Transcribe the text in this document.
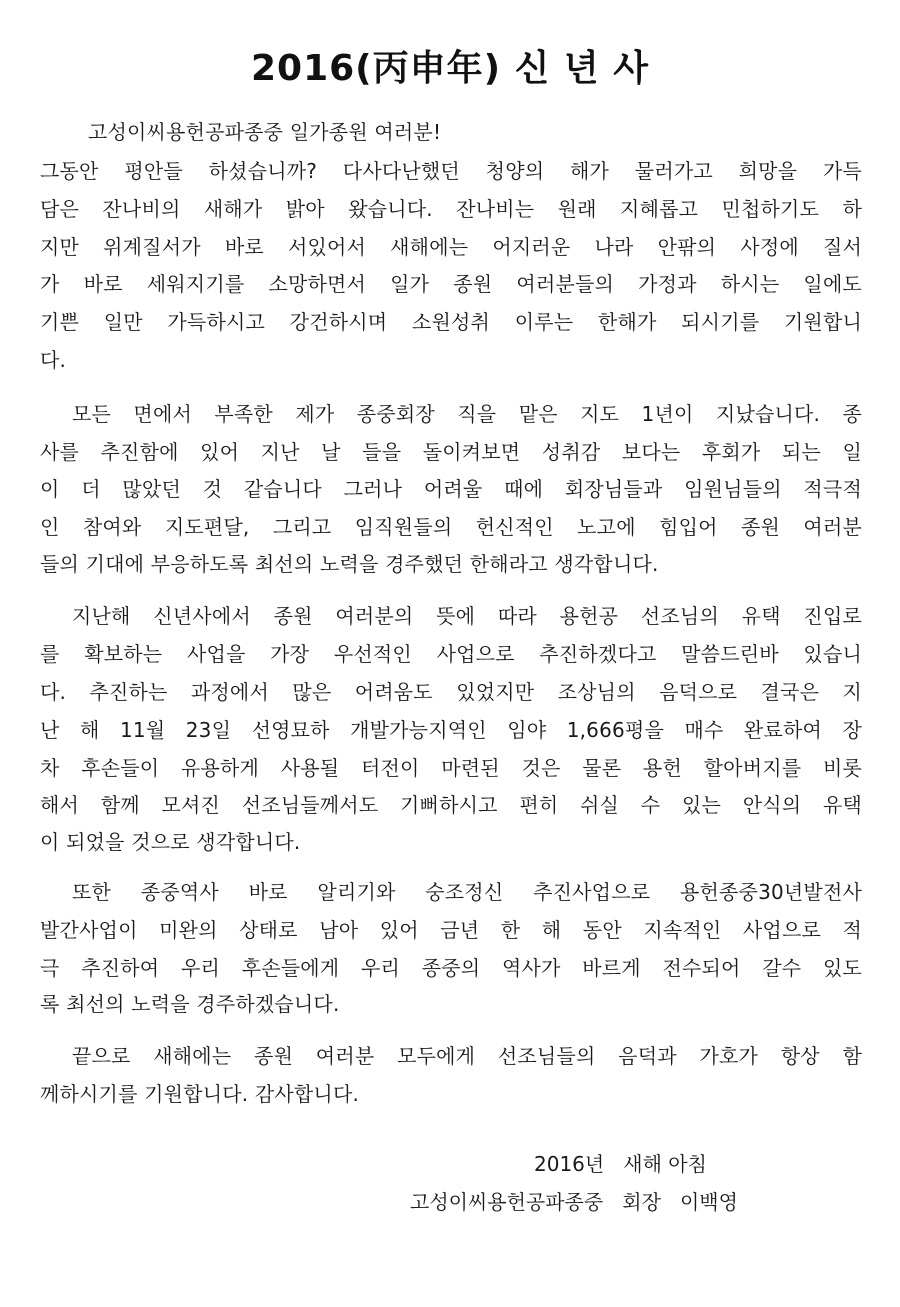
2016(丙申年) 신 년 사
고성이씨용헌공파종중 일가종원 여러분!
그동안 평안들 하셨습니까? 다사다난했던 청양의 해가 물러가고 희망을 가득
담은 잔나비의 새해가 밝아 왔습니다. 잔나비는 원래 지혜롭고 민첩하기도 하
지만 위계질서가 바로 서있어서 새해에는 어지러운 나라 안팎의 사정에 질서
가 바로 세워지기를 소망하면서 일가 종원 여러분들의 가정과 하시는 일에도
기쁜 일만 가득하시고 강건하시며 소원성취 이루는 한해가 되시기를 기원합니
다.
모든 면에서 부족한 제가 종중회장 직을 맡은 지도 1년이 지났습니다. 종
사를 추진함에 있어 지난 날 들을 돌이켜보면 성취감 보다는 후회가 되는 일
이 더 많았던 것 같습니다 그러나 어려울 때에 회장님들과 임원님들의 적극적
인 참여와 지도편달, 그리고 임직원들의 헌신적인 노고에 힘입어 종원 여러분
들의 기대에 부응하도록 최선의 노력을 경주했던 한해라고 생각합니다.
지난해 신년사에서 종원 여러분의 뜻에 따라 용헌공 선조님의 유택 진입로
를 확보하는 사업을 가장 우선적인 사업으로 추진하겠다고 말씀드린바 있습니
다. 추진하는 과정에서 많은 어려움도 있었지만 조상님의 음덕으로 결국은 지
난 해 11월 23일 선영묘하 개발가능지역인 임야 1,666평을 매수 완료하여 장
차 후손들이 유용하게 사용될 터전이 마련된 것은 물론 용헌 할아버지를 비롯
해서 함께 모셔진 선조님들께서도 기뻐하시고 편히 쉬실 수 있는 안식의 유택
이 되었을 것으로 생각합니다.
또한 종중역사 바로 알리기와 숭조정신 추진사업으로 용헌종중30년발전사
발간사업이 미완의 상태로 남아 있어 금년 한 해 동안 지속적인 사업으로 적
극 추진하여 우리 후손들에게 우리 종중의 역사가 바르게 전수되어 갈수 있도
록 최선의 노력을 경주하겠습니다.
끝으로 새해에는 종원 여러분 모두에게 선조님들의 음덕과 가호가 항상 함
께하시기를 기원합니다. 감사합니다.
2016년   새해 아침
고성이씨용헌공파종중   회장   이백영
